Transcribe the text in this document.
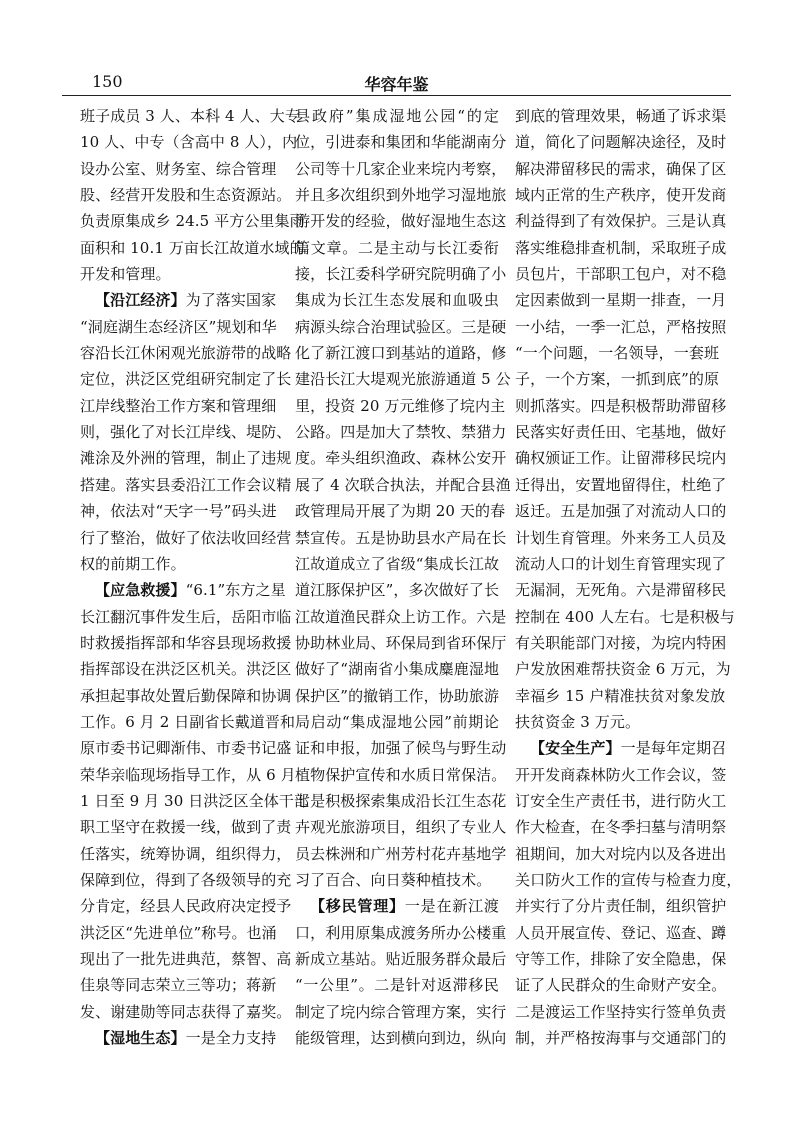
150	华容年鉴
班子成员 3 人、本科 4 人、大专
10 人、中专（含高中 8 人），内
设办公室、财务室、综合管理
股、经营开发股和生态资源站。
负责原集成乡 24.5 平方公里集雨
面积和 10.1 万亩长江故道水域的
开发和管理。
【沿江经济】为了落实国家
“洞庭湖生态经济区”规划和华
容沿长江休闲观光旅游带的战略
定位，洪泛区党组研究制定了长
江岸线整治工作方案和管理细
则，强化了对长江岸线、堤防、
滩涂及外洲的管理，制止了违规
搭建。落实县委沿江工作会议精
神，依法对“天字一号”码头进
行了整治，做好了依法收回经营
权的前期工作。
【应急救援】“6.1”东方之星
长江翻沉事件发生后，岳阳市临
时救援指挥部和华容县现场救援
指挥部设在洪泛区机关。洪泛区
承担起事故处置后勤保障和协调
工作。6 月 2 日副省长戴道晋和
原市委书记卿渐伟、市委书记盛
荣华亲临现场指导工作，从 6 月
1 日至 9 月 30 日洪泛区全体干部
职工坚守在救援一线，做到了责
任落实，统筹协调，组织得力，
保障到位，得到了各级领导的充
分肯定，经县人民政府决定授予
洪泛区“先进单位”称号。也涌
现出了一批先进典范，蔡智、高
佳泉等同志荣立三等功；蒋新
发、谢建勋等同志获得了嘉奖。
【湿地生态】一是全力支持
县政府”集成湿地公园“的定
位，引进泰和集团和华能湖南分
公司等十几家企业来垸内考察，
并且多次组织到外地学习湿地旅
游开发的经验，做好湿地生态这
篇文章。二是主动与长江委衔
接，长江委科学研究院明确了小
集成为长江生态发展和血吸虫
病源头综合治理试验区。三是硬
化了新江渡口到基站的道路，修
建沿长江大堤观光旅游通道 5 公
里，投资 20 万元维修了垸内主
公路。四是加大了禁牧、禁猎力
度。牵头组织渔政、森林公安开
展了 4 次联合执法，并配合县渔
政管理局开展了为期 20 天的春
禁宣传。五是协助县水产局在长
江故道成立了省级“集成长江故
道江豚保护区”，多次做好了长
江故道渔民群众上访工作。六是
协助林业局、环保局到省环保厅
做好了“湖南省小集成麋鹿湿地
保护区”的撤销工作，协助旅游
局启动“集成湿地公园”前期论
证和申报，加强了候鸟与野生动
植物保护宣传和水质日常保洁。
七是积极探索集成沿长江生态花
卉观光旅游项目，组织了专业人
员去株洲和广州芳村花卉基地学
习了百合、向日葵种植技术。
【移民管理】一是在新江渡
口，利用原集成渡务所办公楼重
新成立基站。贴近服务群众最后
“一公里”。二是针对返滞移民
制定了垸内综合管理方案，实行
能级管理，达到横向到边，纵向
到底的管理效果，畅通了诉求渠
道，简化了问题解决途径，及时
解决滞留移民的需求，确保了区
域内正常的生产秩序，使开发商
利益得到了有效保护。三是认真
落实维稳排查机制，采取班子成
员包片，干部职工包户，对不稳
定因素做到一星期一排查，一月
一小结，一季一汇总，严格按照
“一个问题，一名领导，一套班
子，一个方案，一抓到底”的原
则抓落实。四是积极帮助滞留移
民落实好责任田、宅基地，做好
确权颁证工作。让留滞移民垸内
迁得出，安置地留得住，杜绝了
返迁。五是加强了对流动人口的
计划生育管理。外来务工人员及
流动人口的计划生育管理实现了
无漏洞，无死角。六是滞留移民
控制在 400 人左右。七是积极与
有关职能部门对接，为垸内特困
户发放困难帮扶资金 6 万元，为
幸福乡 15 户精准扶贫对象发放
扶贫资金 3 万元。
【安全生产】一是每年定期召
开开发商森林防火工作会议，签
订安全生产责任书，进行防火工
作大检查，在冬季扫墓与清明祭
祖期间，加大对垸内以及各进出
关口防火工作的宣传与检查力度，
并实行了分片责任制，组织管护
人员开展宣传、登记、巡查、蹲
守等工作，排除了安全隐患，保
证了人民群众的生命财产安全。
二是渡运工作坚持实行签单负责
制，并严格按海事与交通部门的
